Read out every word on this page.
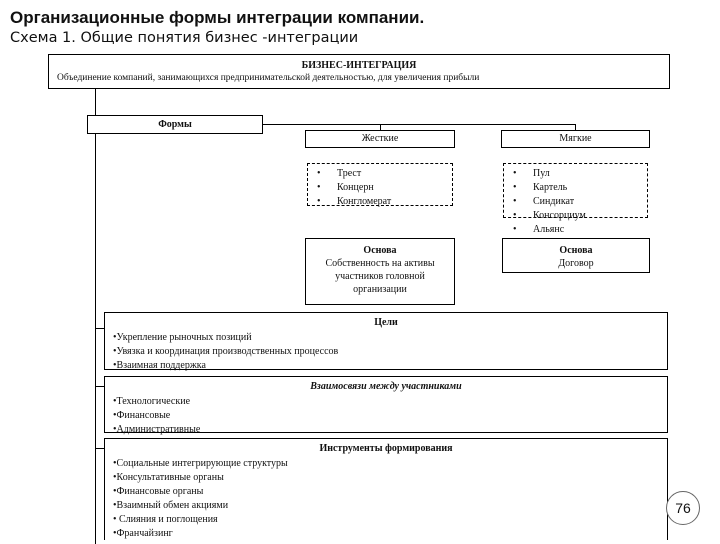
Организационные формы интеграции компании.
Схема 1. Общие понятия бизнес -интеграции
БИЗНЕС-ИНТЕГРАЦИЯ
Объединение компаний, занимающихся предпринимательской деятельностью, для увеличения прибыли
Формы
Жесткие
• Трест
• Концерн
• Конгломерат
Основа
Собственность на активы
участников головной
организации
Мягкие
• Пул
• Картель
• Синдикат
• Консорциум
• Альянс
Основа
Договор
Цели
• Укрепление рыночных позиций
• Увязка и координация производственных процессов
• Взаимная поддержка
Взаимосвязи между участниками
• Технологические
• Финансовые
• Административные
Инструменты формирования
• Социальные интегрирующие структуры
• Консультативные органы
• Финансовые органы
• Взаимный обмен акциями
• Слияния и поглощения
• Франчайзинг
76
